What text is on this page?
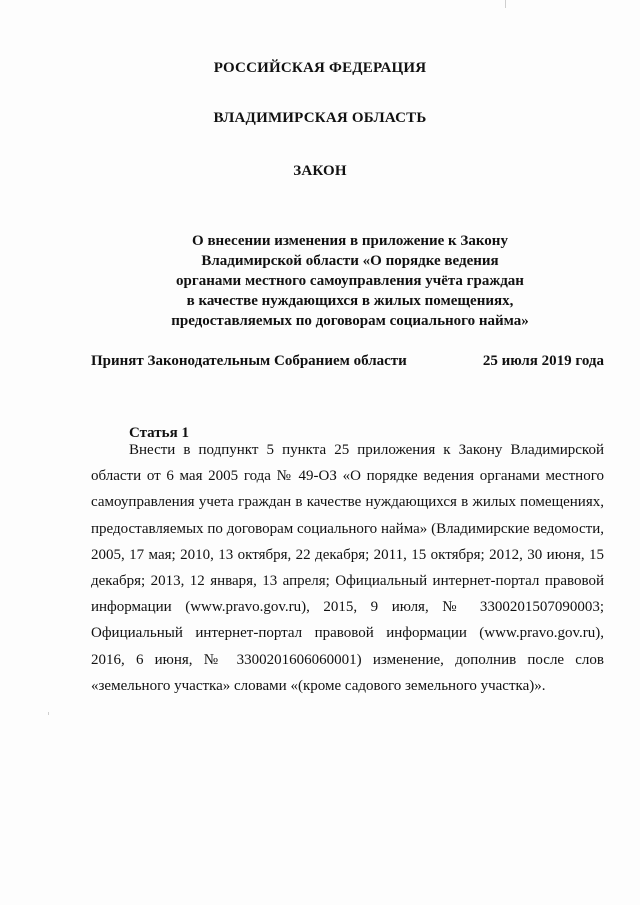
РОССИЙСКАЯ ФЕДЕРАЦИЯ
ВЛАДИМИРСКАЯ ОБЛАСТЬ
ЗАКОН
О внесении изменения в приложение к Закону
Владимирской области «О порядке ведения
органами местного самоуправления учёта граждан
в качестве нуждающихся в жилых помещениях,
предоставляемых по договорам социального найма»
Принят Законодательным Собранием области	25 июля 2019 года
Статья 1
Внести в подпункт 5 пункта 25 приложения к Закону Владимирской
области от 6 мая 2005 года № 49-ОЗ «О порядке ведения органами местного
самоуправления учета граждан в качестве нуждающихся в жилых помещениях,
предоставляемых по договорам социального найма» (Владимирские ведомости,
2005, 17 мая; 2010, 13 октября, 22 декабря; 2011, 15 октября; 2012, 30 июня, 15
декабря; 2013, 12 января, 13 апреля; Официальный интернет-портал правовой
информации (www.pravo.gov.ru), 2015, 9 июля, № 3300201507090003;
Официальный интернет-портал правовой информации (www.pravo.gov.ru),
2016, 6 июня, № 3300201606060001) изменение, дополнив после слов
«земельного участка» словами «(кроме садового земельного участка)».
